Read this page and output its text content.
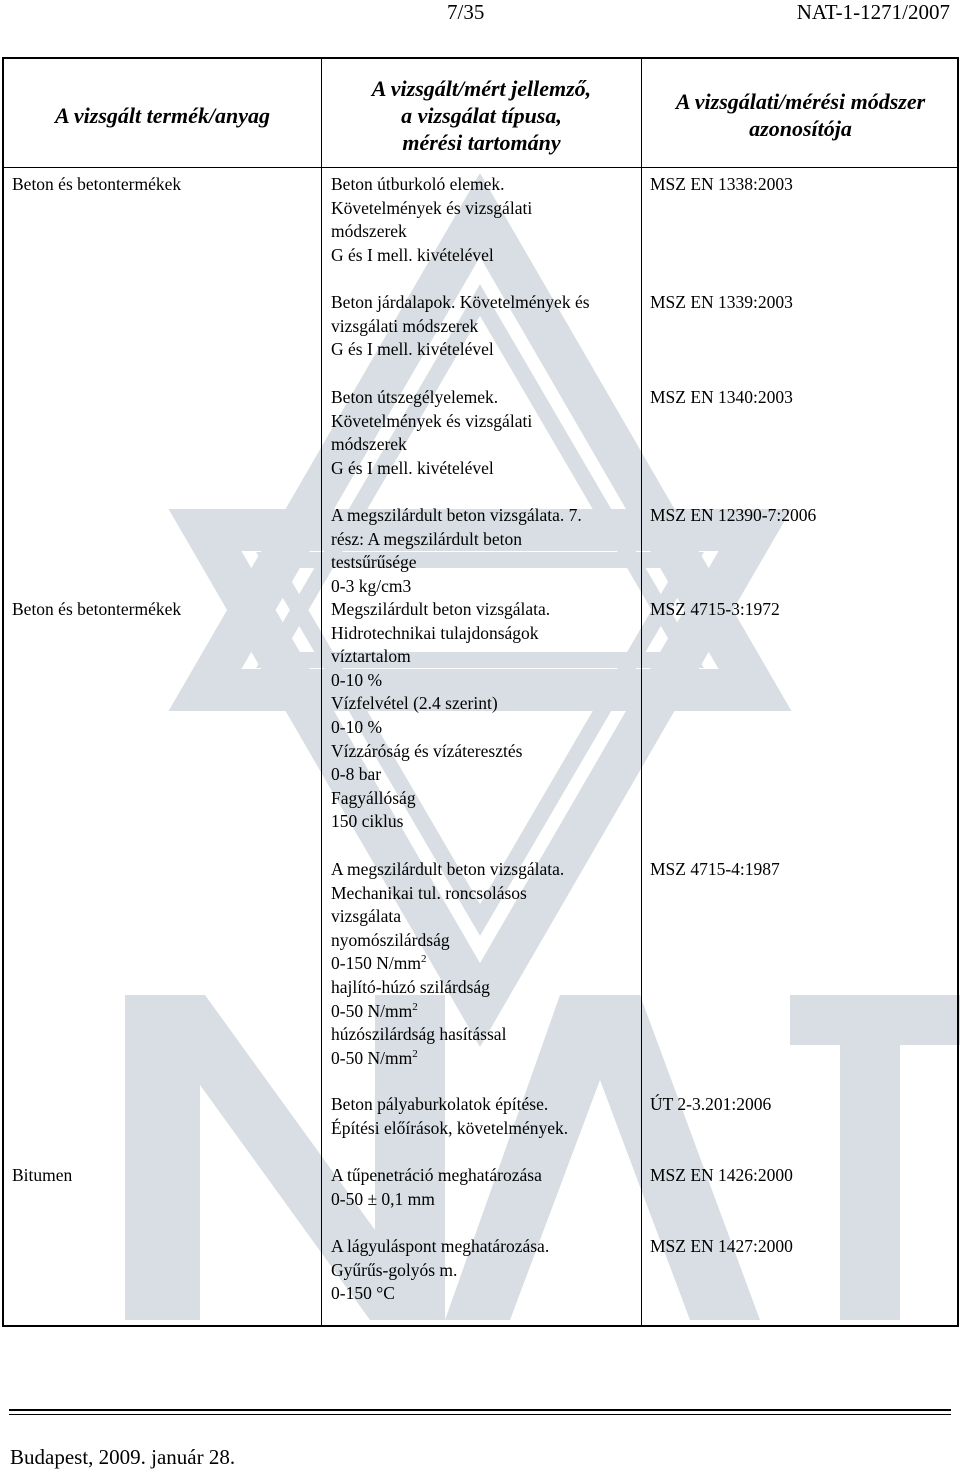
7/35	NAT-1-1271/2007
A vizsgált termék/anyag
A vizsgált/mért jellemző,
a vizsgálat típusa,
mérési tartomány
A vizsgálati/mérési módszer
azonosítója
Beton és betontermékek
Beton és betontermékek
Bitumen
Beton útburkoló elemek.
Követelmények és vizsgálati
módszerek
G és I mell. kivételével
MSZ EN 1338:2003
Beton járdalapok. Követelmények és
vizsgálati módszerek
G és I mell. kivételével
MSZ EN 1339:2003
Beton útszegélyelemek.
Követelmények és vizsgálati
módszerek
G és I mell. kivételével
MSZ EN 1340:2003
A megszilárdult beton vizsgálata. 7.
rész: A megszilárdult beton
testsűrűsége
0-3 kg/cm3
MSZ EN 12390-7:2006
Megszilárdult beton vizsgálata.
Hidrotechnikai tulajdonságok
víztartalom
0-10 %
Vízfelvétel (2.4 szerint)
0-10 %
Vízzáróság és vízáteresztés
0-8 bar
Fagyállóság
150 ciklus
MSZ 4715-3:1972
A megszilárdult beton vizsgálata.
Mechanikai tul. roncsolásos
vizsgálata
nyomószilárdság
0-150 $N/mm^2$
hajlító-húzó szilárdság
0-50 $N/mm^2$
húzószilárdság hasítással
0-50 $N/mm^2$
MSZ 4715-4:1987
Beton pályaburkolatok építése.
Építési előírások, követelmények.
ÚT 2-3.201:2006
A tűpenetráció meghatározása
0-50 ± 0,1 mm
MSZ EN 1426:2000
A lágyuláspont meghatározása.
Gyűrűs-golyós m.
0-150 °C
MSZ EN 1427:2000
Budapest, 2009. január 28.
